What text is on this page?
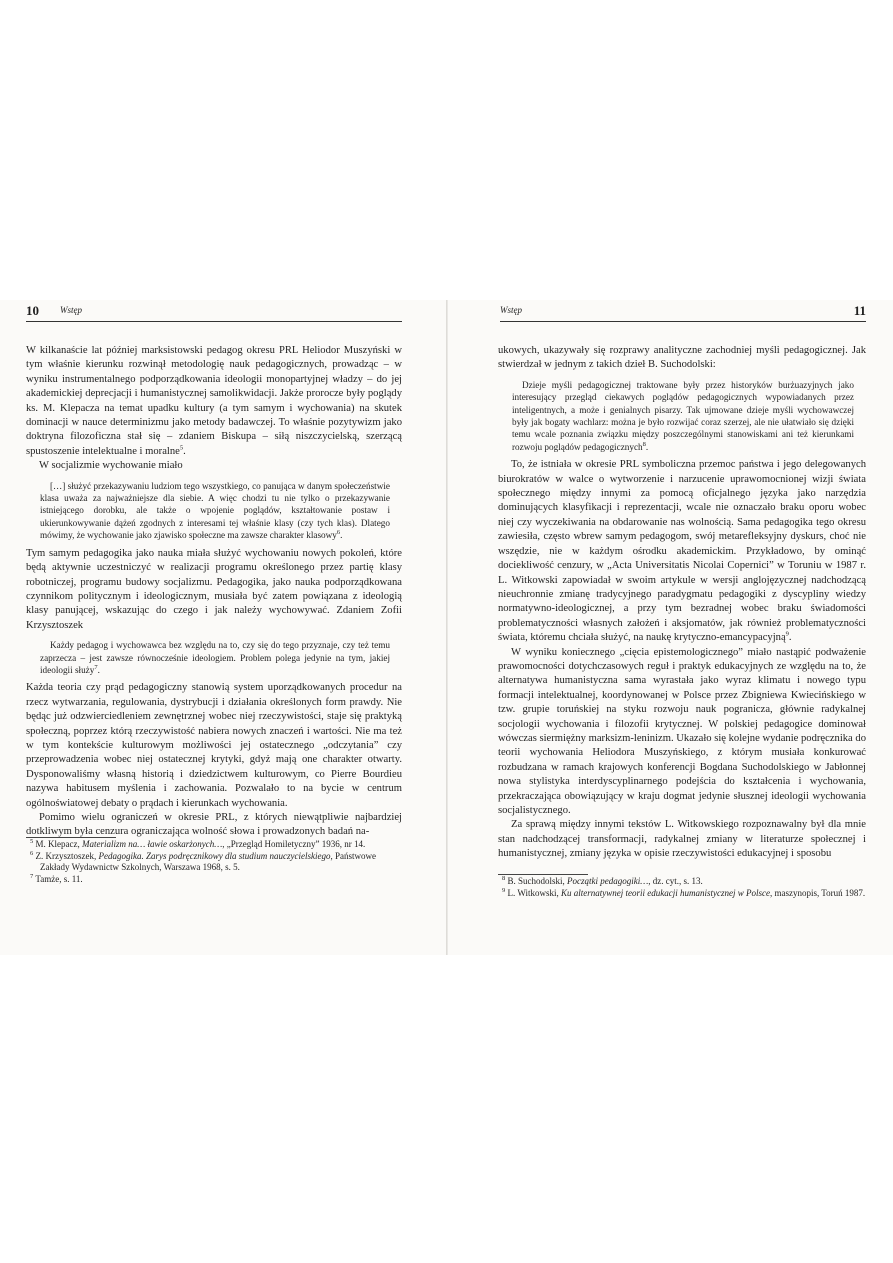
10 Wstęp

W kilkanaście lat później marksistowski pedagog okresu PRL Heliodor Muszyński w tym właśnie kierunku rozwinął metodologię nauk pedagogicznych, prowadząc – w wyniku instrumentalnego podporządkowania ideologii monopartyjnej władzy – do jej akademickiej deprecjacji i humanistycznej samolikwidacji. Jakże prorocze były poglądy ks. M. Klepacza na temat upadku kultury (a tym samym i wychowania) na skutek dominacji w nauce determinizmu jako metody badawczej. To właśnie pozytywizm jako doktryna filozoficzna stał się – zdaniem Biskupa – siłą niszczycielską, szerzącą spustoszenie intelektualne i moralne$^5$.

W socjalizmie wychowanie miało

[…] służyć przekazywaniu ludziom tego wszystkiego, co panująca w danym społeczeństwie klasa uważa za najważniejsze dla siebie. A więc chodzi tu nie tylko o przekazywanie istniejącego dorobku, ale także o wpojenie poglądów, kształtowanie postaw i ukierunkowywanie dążeń zgodnych z interesami tej właśnie klasy (czy tych klas). Dlatego mówimy, że wychowanie jako zjawisko społeczne ma zawsze charakter klasowy$^6$.

Tym samym pedagogika jako nauka miała służyć wychowaniu nowych pokoleń, które będą aktywnie uczestniczyć w realizacji programu określonego przez partię klasy robotniczej, programu budowy socjalizmu. Pedagogika, jako nauka podporządkowana czynnikom politycznym i ideologicznym, musiała być zatem powiązana z ideologią klasy panującej, wskazując do czego i jak należy wychowywać. Zdaniem Zofii Krzysztoszek

Każdy pedagog i wychowawca bez względu na to, czy się do tego przyznaje, czy też temu zaprzecza – jest zawsze równocześnie ideologiem. Problem polega jedynie na tym, jakiej ideologii służy$^7$.

Każda teoria czy prąd pedagogiczny stanowią system uporządkowanych procedur na rzecz wytwarzania, regulowania, dystrybucji i działania określonych form prawdy. Nie będąc już odzwierciedleniem zewnętrznej wobec niej rzeczywistości, staje się praktyką społeczną, poprzez którą rzeczywistość nabiera nowych znaczeń i wartości. Nie ma też w tym kontekście kulturowym możliwości jej ostatecznego „odczytania” czy przeprowadzenia wobec niej ostatecznej krytyki, gdyż mają one charakter otwarty. Dysponowaliśmy własną historią i dziedzictwem kulturowym, co Pierre Bourdieu nazywa habitusem myślenia i zachowania. Pozwalało to na bycie w centrum ogólnoświatowej debaty o prądach i kierunkach wychowania.

Pomimo wielu ograniczeń w okresie PRL, z których niewątpliwie najbardziej dotkliwym była cenzura ograniczająca wolność słowa i prowadzonych badań na-

$^5$ M. Klepacz, Materializm na… ławie oskarżonych…, „Przegląd Homiletyczny” 1936, nr 14.
$^6$ Z. Krzysztoszek, Pedagogika. Zarys podręcznikowy dla studium nauczycielskiego, Państwowe Zakłady Wydawnictw Szkolnych, Warszawa 1968, s. 5.
$^7$ Tamże, s. 11.
Wstęp	11

ukowych, ukazywały się rozprawy analityczne zachodniej myśli pedagogicznej. Jak stwierdzał w jednym z takich dzieł B. Suchodolski:

Dzieje myśli pedagogicznej traktowane były przez historyków burżuazyjnych jako interesujący przegląd ciekawych poglądów pedagogicznych wypowiadanych przez inteligentnych, a może i genialnych pisarzy. Tak ujmowane dzieje myśli wychowawczej były jak bogaty wachlarz: można je było rozwijać coraz szerzej, ale nie ułatwiało się dzięki temu wcale poznania związku między poszczególnymi stanowiskami ani też kierunkami rozwoju poglądów pedagogicznych$^8$.

To, że istniała w okresie PRL symboliczna przemoc państwa i jego delegowanych biurokratów w walce o wytworzenie i narzucenie uprawomocnionej wizji świata społecznego między innymi za pomocą oficjalnego języka jako narzędzia dominujących klasyfikacji i reprezentacji, wcale nie oznaczało braku oporu wobec niej czy wyczekiwania na obdarowanie nas wolnością. Sama pedagogika tego okresu zawiesiła, często wbrew samym pedagogom, swój metarefleksyjny dyskurs, choć nie wszędzie, nie w każdym ośrodku akademickim. Przykładowo, by ominąć dociekliwość cenzury, w „Acta Universitatis Nicolai Copernici” w Toruniu w 1987 r. L. Witkowski zapowiadał w swoim artykule w wersji anglojęzycznej nadchodzącą nieuchronnie zmianę tradycyjnego paradygmatu pedagogiki z dyscypliny wiedzy normatywno-ideologicznej, a przy tym bezradnej wobec braku świadomości problematyczności własnych założeń i aksjomatów, jak również problematyczności świata, któremu chciała służyć, na naukę krytyczno-emancypacyjną$^9$.

W wyniku koniecznego „cięcia epistemologicznego” miało nastąpić podważenie prawomocności dotychczasowych reguł i praktyk edukacyjnych ze względu na to, że alternatywa humanistyczna sama wyrastała jako wyraz klimatu i nowego typu formacji intelektualnej, koordynowanej w Polsce przez Zbigniewa Kwiecińskiego w tzw. grupie toruńskiej na styku rozwoju nauk pogranicza, głównie radykalnej socjologii wychowania i filozofii krytycznej. W polskiej pedagogice dominował wówczas siermiężny marksizm-leninizm. Ukazało się kolejne wydanie podręcznika do teorii wychowania Heliodora Muszyńskiego, z którym musiała konkurować rozbudzana w ramach krajowych konferencji Bogdana Suchodolskiego w Jabłonnej nowa stylistyka interdyscyplinarnego podejścia do kształcenia i wychowania, przekraczająca obowiązujący w kraju dogmat jedynie słusznej ideologii wychowania socjalistycznego.

Za sprawą między innymi tekstów L. Witkowskiego rozpoznawalny był dla mnie stan nadchodzącej transformacji, radykalnej zmiany w literaturze społecznej i humanistycznej, zmiany języka w opisie rzeczywistości edukacyjnej i sposobu

$^8$ B. Suchodolski, Początki pedagogiki…, dz. cyt., s. 13.
$^9$ L. Witkowski, Ku alternatywnej teorii edukacji humanistycznej w Polsce, maszynopis, Toruń 1987.
